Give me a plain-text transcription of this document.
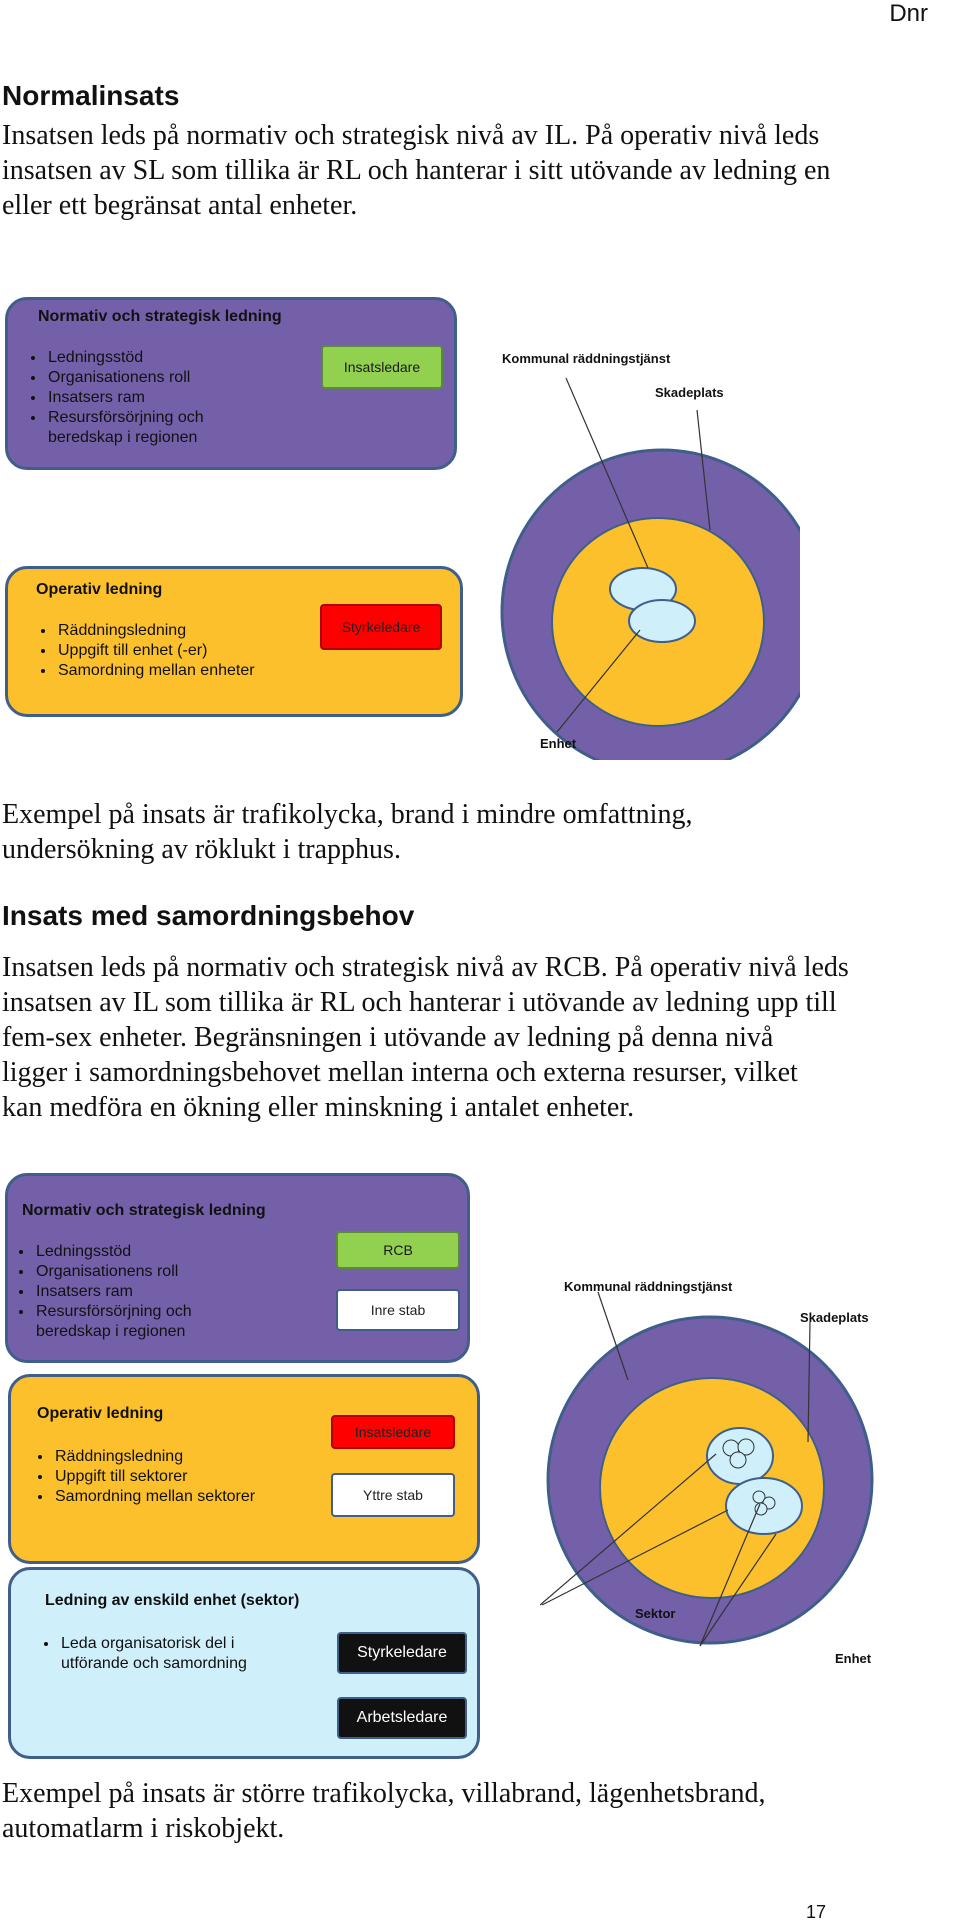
Dnr
Normalinsats

Insatsen leds på normativ och strategisk nivå av IL. På operativ nivå leds

insatsen av SL som tillika är RL och hanterar i sitt utövande av ledning en

eller ett begränsat antal enheter.

Normativ och strategisk ledning
• Ledningsstöd
• Organisationens roll
• Insatsers ram
• Resursförsörjning och
beredskap i regionen
Insatsledare
Operativ ledning
• Räddningsledning
• Uppgift till enhet (-er)
• Samordning mellan enheter
Styrkeledare
Kommunal räddningstjänst
Skadeplats
Enhet

Exempel på insats är trafikolycka, brand i mindre omfattning,

undersökning av röklukt i trapphus.

Insats med samordningsbehov

Insatsen leds på normativ och strategisk nivå av RCB. På operativ nivå leds

insatsen av IL som tillika är RL och hanterar i utövande av ledning upp till

fem-sex enheter. Begränsningen i utövande av ledning på denna nivå

ligger i samordningsbehovet mellan interna och externa resurser, vilket

kan medföra en ökning eller minskning i antalet enheter.

Normativ och strategisk ledning
• Ledningsstöd
• Organisationens roll
• Insatsers ram
• Resursförsörjning och
beredskap i regionen
RCB
Inre stab
Operativ ledning
• Räddningsledning
• Uppgift till sektorer
• Samordning mellan sektorer
Insatsledare
Yttre stab
Ledning av enskild enhet (sektor)
• Leda organisatorisk del i
utförande och samordning
Styrkeledare
Arbetsledare
Kommunal räddningstjänst
Skadeplats
Enhet
Sektor

Exempel på insats är större trafikolycka, villabrand, lägenhetsbrand,

automatlarm i riskobjekt.

17
